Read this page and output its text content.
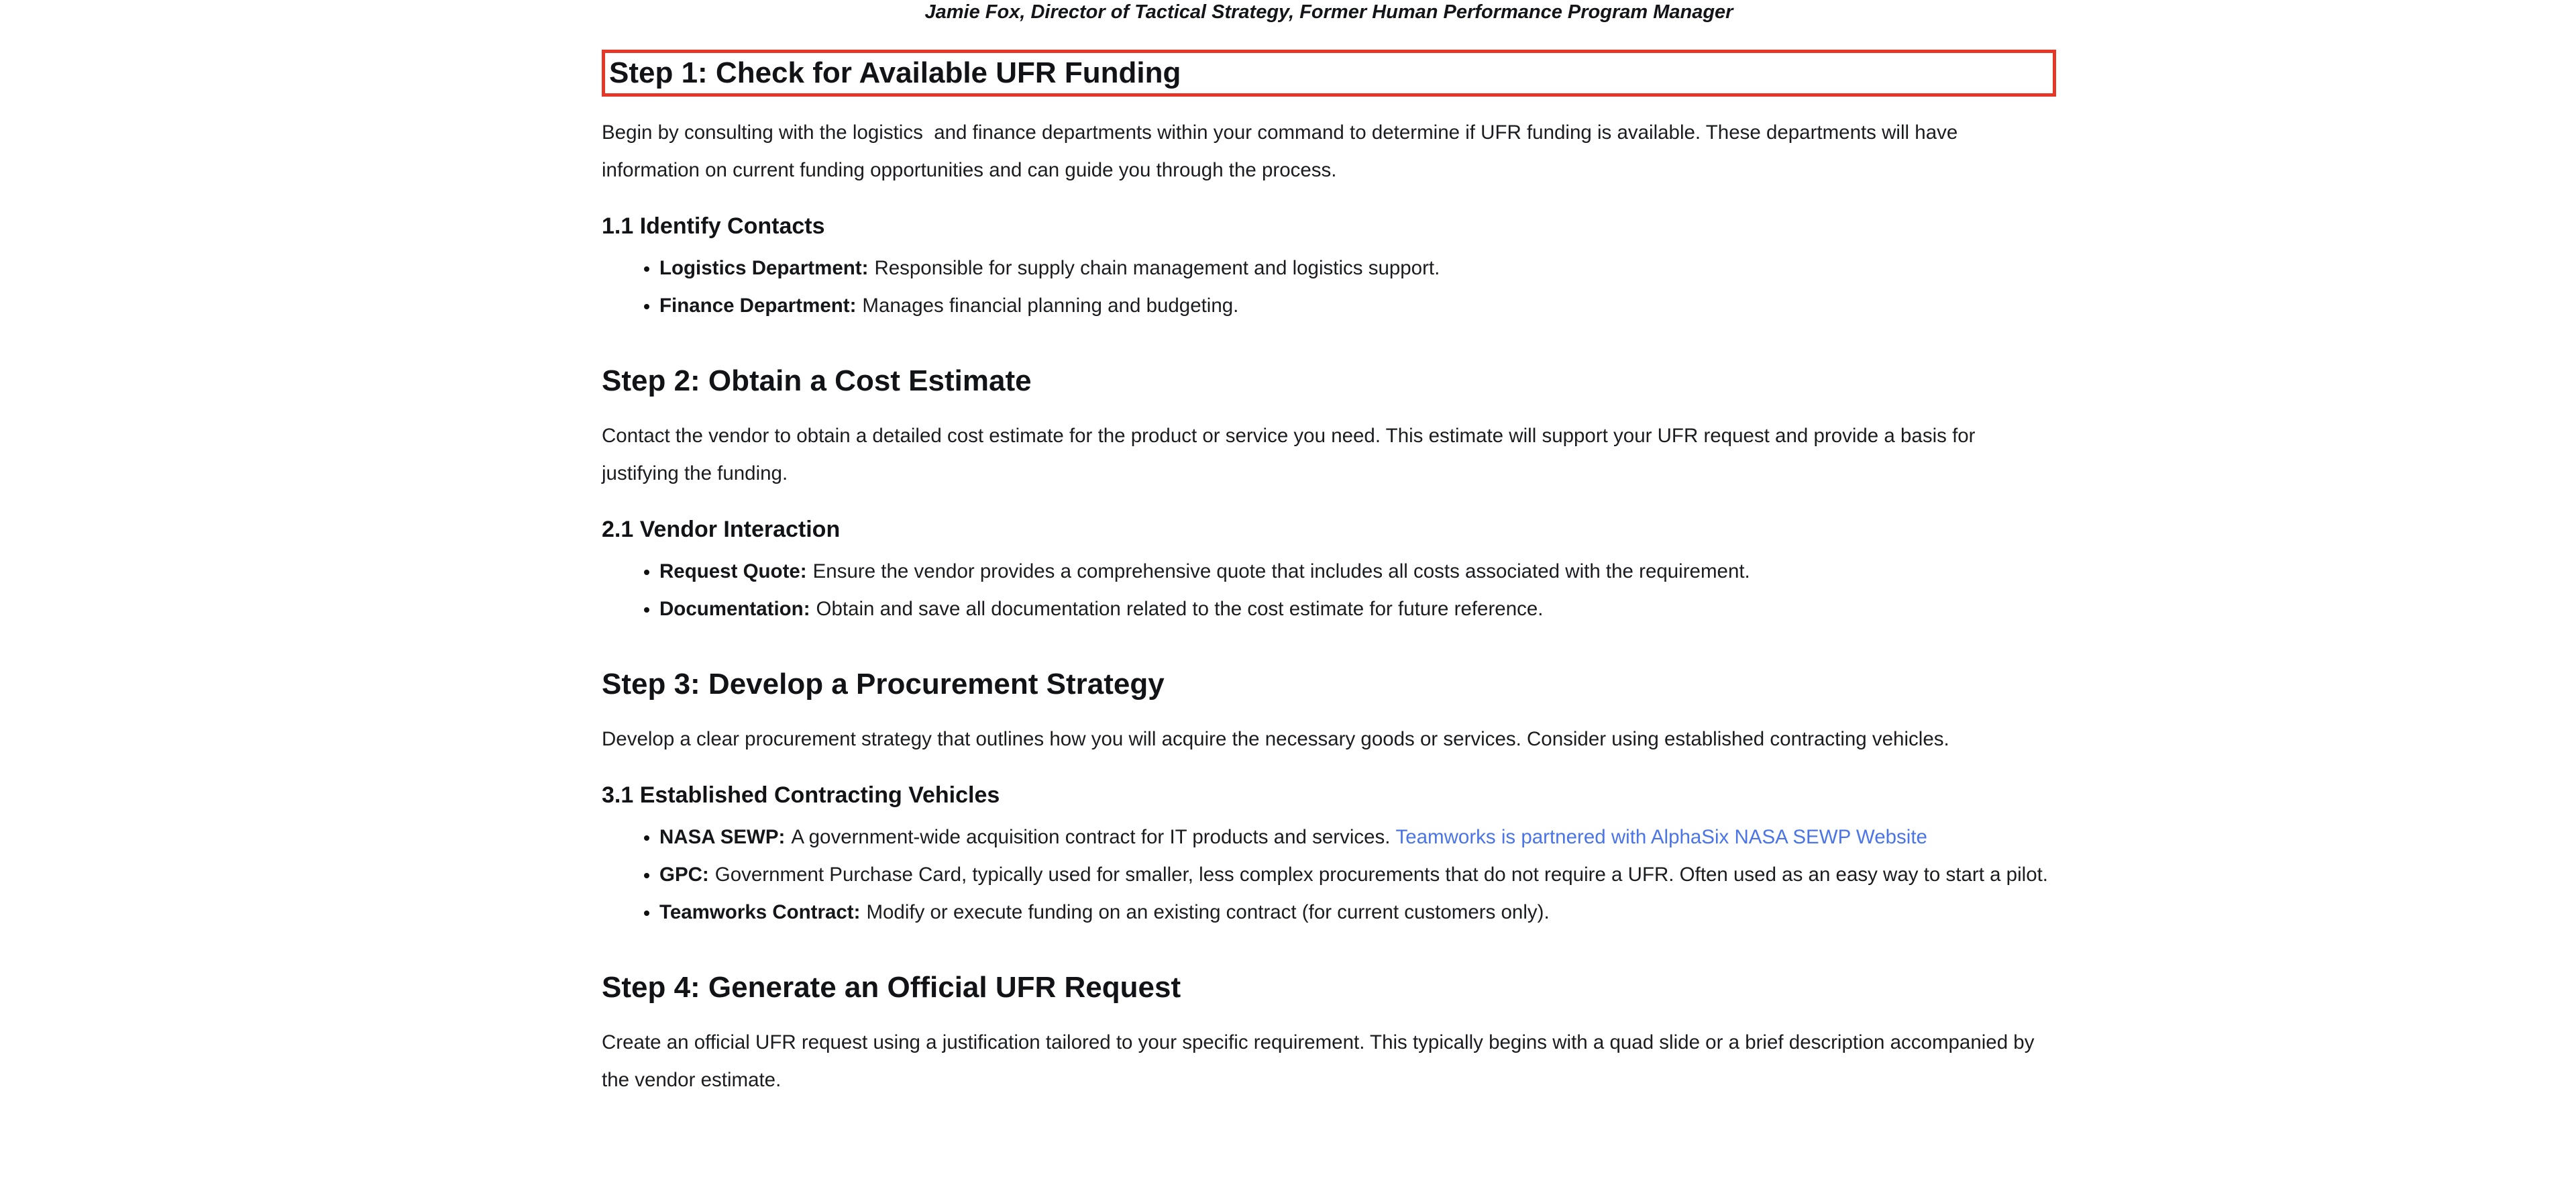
Jamie Fox, Director of Tactical Strategy, Former Human Performance Program Manager

Step 1: Check for Available UFR Funding

Begin by consulting with the logistics  and finance departments within your command to determine if UFR funding is available. These departments will have information on current funding opportunities and can guide you through the process.

1.1 Identify Contacts
• Logistics Department: Responsible for supply chain management and logistics support.
• Finance Department: Manages financial planning and budgeting.
Step 2: Obtain a Cost Estimate

Contact the vendor to obtain a detailed cost estimate for the product or service you need. This estimate will support your UFR request and provide a basis for justifying the funding.

2.1 Vendor Interaction
• Request Quote: Ensure the vendor provides a comprehensive quote that includes all costs associated with the requirement.
• Documentation: Obtain and save all documentation related to the cost estimate for future reference.
Step 3: Develop a Procurement Strategy

Develop a clear procurement strategy that outlines how you will acquire the necessary goods or services. Consider using established contracting vehicles.

3.1 Established Contracting Vehicles
• NASA SEWP: A government-wide acquisition contract for IT products and services. Teamworks is partnered with AlphaSix NASA SEWP Website
• GPC: Government Purchase Card, typically used for smaller, less complex procurements that do not require a UFR. Often used as an easy way to start a pilot.
• Teamworks Contract: Modify or execute funding on an existing contract (for current customers only).
Step 4: Generate an Official UFR Request

Create an official UFR request using a justification tailored to your specific requirement. This typically begins with a quad slide or a brief description accompanied by the vendor estimate.
